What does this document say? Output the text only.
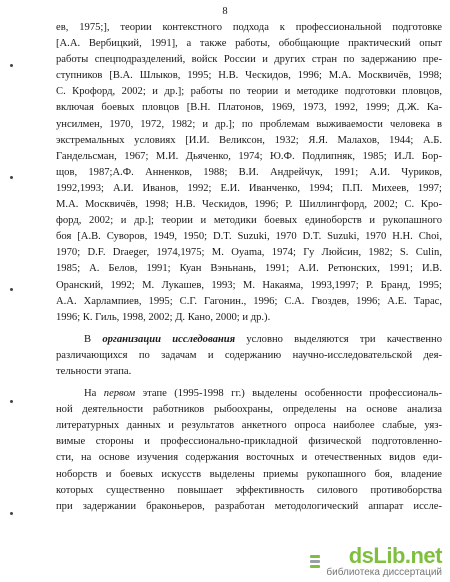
8
ев, 1975;], теории контекстного подхода к профессиональной подготовке
[А.А. Вербицкий, 1991], а также работы, обобщающие практический опыт
работы спецподразделений, войск России и других стран по задержанию пре-
ступников [В.А. Шлыков, 1995; Н.В. Ческидов, 1996; М.А. Москвичёв, 1998;
С. Крофорд, 2002; и др.]; работы по теории и методике подготовки пловцов,
включая боевых пловцов [В.Н. Платонов, 1969, 1973, 1992, 1999; Д.Ж. Ка-
унсилмен, 1970, 1972, 1982; и др.]; по проблемам выживаемости человека в
экстремальных условиях [И.И. Великсон, 1932; Я.Я. Малахов, 1944; А.Б.
Гандельсман, 1967; М.И. Дьяченко, 1974; Ю.Ф. Подлипняк, 1985; И.Л. Бор-
щов, 1987;А.Ф. Анненков, 1988; В.И. Андрейчук, 1991; А.И. Чуриков,
1992,1993; А.И. Иванов, 1992; Е.И. Иванченко, 1994; П.П. Михеев, 1997;
М.А. Москвичёв, 1998; Н.В. Ческидов, 1996; Р. Шиллингфорд, 2002; С. Кро-
форд, 2002; и др.]; теории и методики боевых единоборств и рукопашного
боя [А.В. Суворов, 1949, 1950; D.T. Suzuki, 1970 D.T. Suzuki, 1970 H.H. Choi,
1970; D.F. Draeger, 1974,1975; M. Oyama, 1974; Гу Люйсин, 1982; S. Culin,
1985; А. Белов, 1991; Куан Вэньнань, 1991; А.И. Ретюнских, 1991; И.В.
Оранский, 1992; М. Лукашев, 1993; М. Накаяма, 1993,1997; Р. Бранд, 1995;
А.А. Харлампиев, 1995; С.Г. Гагонин., 1996; С.А. Гвоздев, 1996; А.Е. Тарас,
1996; К. Гиль, 1998, 2002; Д. Кано, 2000; и др.).
В организации исследования условно выделяются три качественно
различающихся по задачам и содержанию научно-исследовательской дея-
тельности этапа.
На первом этапе (1995-1998 гг.) выделены особенности профессиональ-
ной деятельности работников рыбоохраны, определены на основе анализа
литературных данных и результатов анкетного опроса наиболее слабые, уяз-
вимые стороны и профессионально-прикладной физической подготовленно-
сти, на основе изучения содержания восточных и отечественных видов еди-
ноборств и боевых искусств выделены приемы рукопашного боя, владение
которых существенно повышает эффективность силового противоборства
при задержании браконьеров, разработан методологический аппарат иссле-
dsLib.net
библиотека диссертаций
